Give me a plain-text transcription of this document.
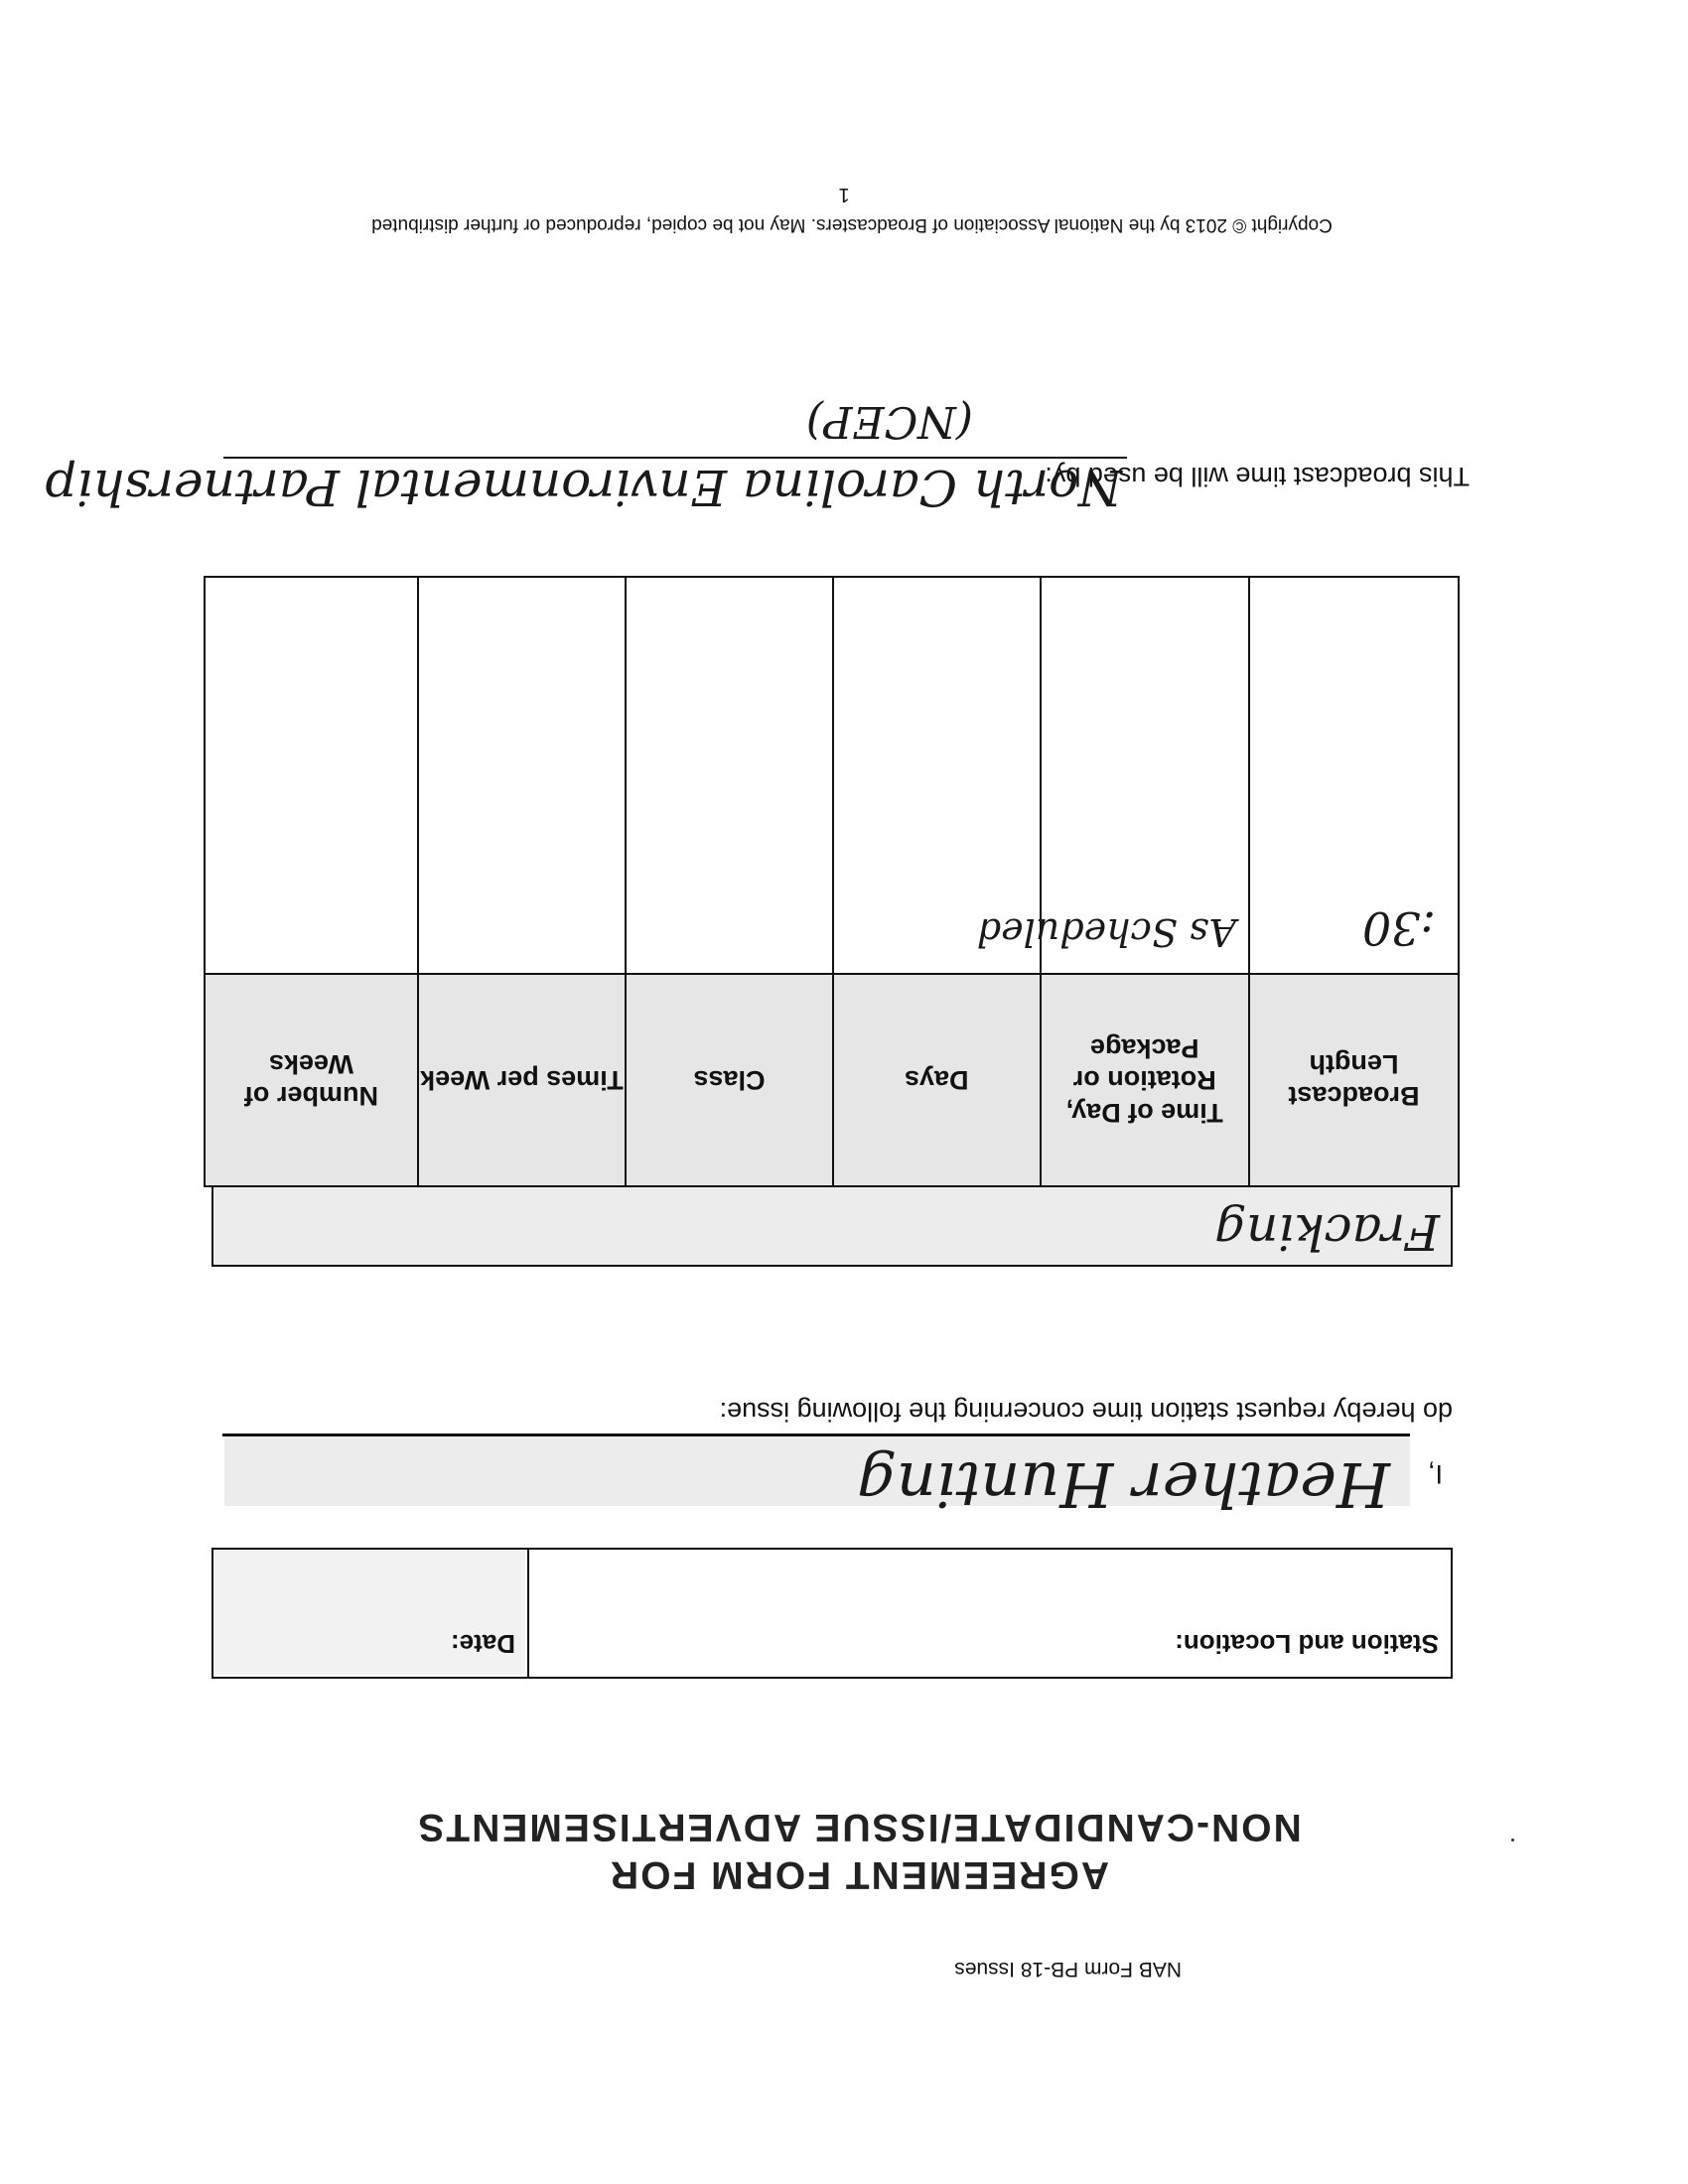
NAB Form PB-18 Issues
AGREEMENT FORM FOR
NON-CANDIDATE/ISSUE ADVERTISEMENTS
Station and Location:
Date:
I,
Heather Hunting
do hereby request station time concerning the following issue:
Fracking
Broadcast Length	Time of Day, Rotation or Package	Days	Class	Times per Week	Number of Weeks

:30	As Scheduled				

This broadcast time will be used by:
North Carolina Environmental Partnership
(NCEP)
Copyright © 2013 by the National Association of Broadcasters. May not be copied, reproduced or further distributed
1
